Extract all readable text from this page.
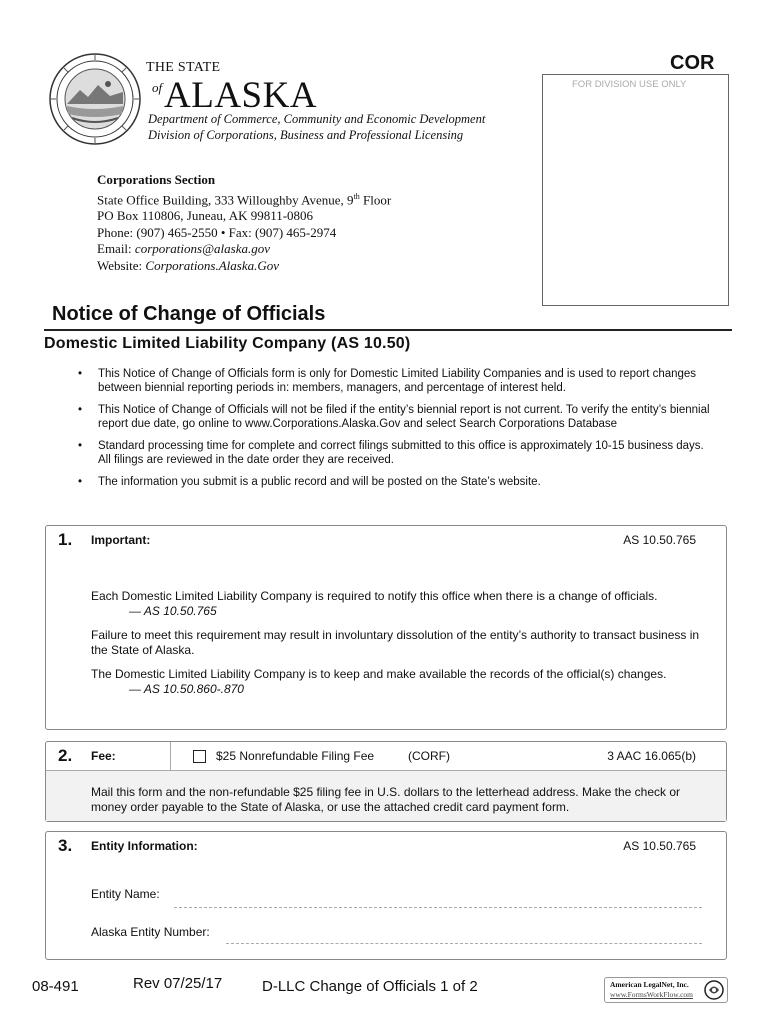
THE STATE
of ALASKA
Department of Commerce, Community and Economic Development
Division of Corporations, Business and Professional Licensing
COR
FOR DIVISION USE ONLY
Corporations Section
State Office Building, 333 Willoughby Avenue, 9th Floor
PO Box 110806, Juneau, AK 99811-0806
Phone: (907) 465-2550 • Fax: (907) 465-2974
Email: corporations@alaska.gov
Website: Corporations.Alaska.Gov
Notice of Change of Officials
Domestic Limited Liability Company (AS 10.50)
• This Notice of Change of Officials form is only for Domestic Limited Liability Companies and is used to report changes between biennial reporting periods in: members, managers, and percentage of interest held.
• This Notice of Change of Officials will not be filed if the entity’s biennial report is not current. To verify the entity’s biennial report due date, go online to www.Corporations.Alaska.Gov and select Search Corporations Database
• Standard processing time for complete and correct filings submitted to this office is approximately 10-15 business days. All filings are reviewed in the date order they are received.
• The information you submit is a public record and will be posted on the State’s website.
1. Important:	AS 10.50.765

Each Domestic Limited Liability Company is required to notify this office when there is a change of officials.
— AS 10.50.765

Failure to meet this requirement may result in involuntary dissolution of the entity’s authority to transact business in the State of Alaska.

The Domestic Limited Liability Company is to keep and make available the records of the official(s) changes.
— AS 10.50.860-.870

2. Fee:	$25 Nonrefundable Filing Fee	(CORF)	3 AAC 16.065(b)
Mail this form and the non-refundable $25 filing fee in U.S. dollars to the letterhead address. Make the check or money order payable to the State of Alaska, or use the attached credit card payment form.
3. Entity Information:	AS 10.50.765
Entity Name:
Alaska Entity Number:
08-491	Rev 07/25/17	D-LLC Change of Officials 1 of 2	American LegalNet, Inc.
www.FormsWorkFlow.com
